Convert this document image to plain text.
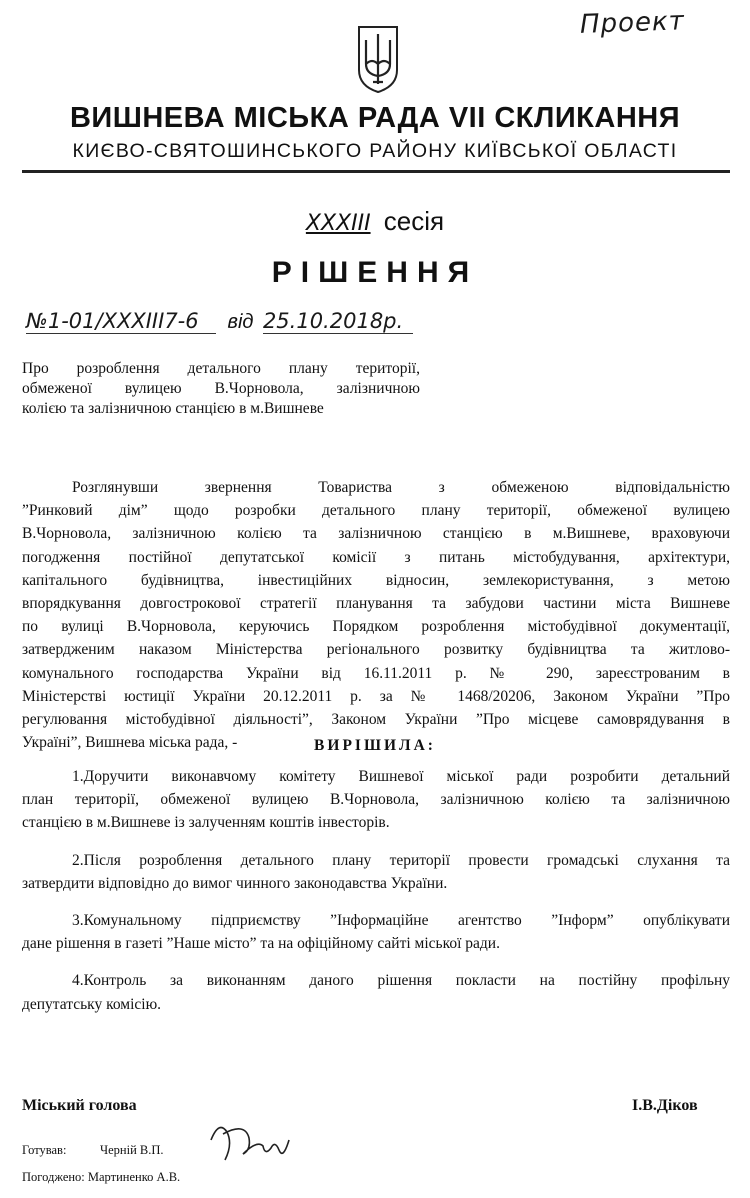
Проект
ВИШНЕВА МІСЬКА РАДА VII СКЛИКАННЯ
КИЄВО-СВЯТОШИНСЬКОГО РАЙОНУ КИЇВСЬКОЇ ОБЛАСТІ
XXXIII сесія
РІШЕННЯ
№1-01/XXXIII7-6 від 25.10.2018р.
Про розроблення детального плану території,
обмеженої вулицею В.Чорновола, залізничною
колією та залізничною станцією в м.Вишневе
Розглянувши звернення Товариства з обмеженою відповідальністю
”Ринковий дім” щодо розробки детального плану території, обмеженої вулицею
В.Чорновола, залізничною колією та залізничною станцією в м.Вишневе, враховуючи
погодження постійної депутатської комісії з питань містобудування, архітектури,
капітального будівництва, інвестиційних відносин, землекористування, з метою
впорядкування довгострокової стратегії планування та забудови частини міста Вишневе
по вулиці В.Чорновола, керуючись Порядком розроблення містобудівної документації,
затвердженим наказом Міністерства регіонального розвитку будівництва та житлово-
комунального господарства України від 16.11.2011 р. № 290, зареєстрованим в
Міністерстві юстиції України 20.12.2011 р. за № 1468/20206, Законом України ”Про
регулювання містобудівної діяльності”, Законом України ”Про місцеве самоврядування в
Україні”, Вишнева міська рада, -	ВИРІШИЛА:
1.Доручити виконавчому комітету Вишневої міської ради розробити детальний
план території, обмеженої вулицею В.Чорновола, залізничною колією та залізничною
станцією в м.Вишневе із залученням коштів інвесторів.
2.Після розроблення детального плану території провести громадські слухання та
затвердити відповідно до вимог чинного законодавства України.
3.Комунальному підприємству ”Інформаційне агентство ”Інформ” опублікувати
дане рішення в газеті ”Наше місто” та на офіційному сайті міської ради.
4.Контроль за виконанням даного рішення покласти на постійну профільну
депутатську комісію.
Міський голова	І.В.Діков
Готував:	Черній В.П.
Погоджено: Мартиненко А.В.
